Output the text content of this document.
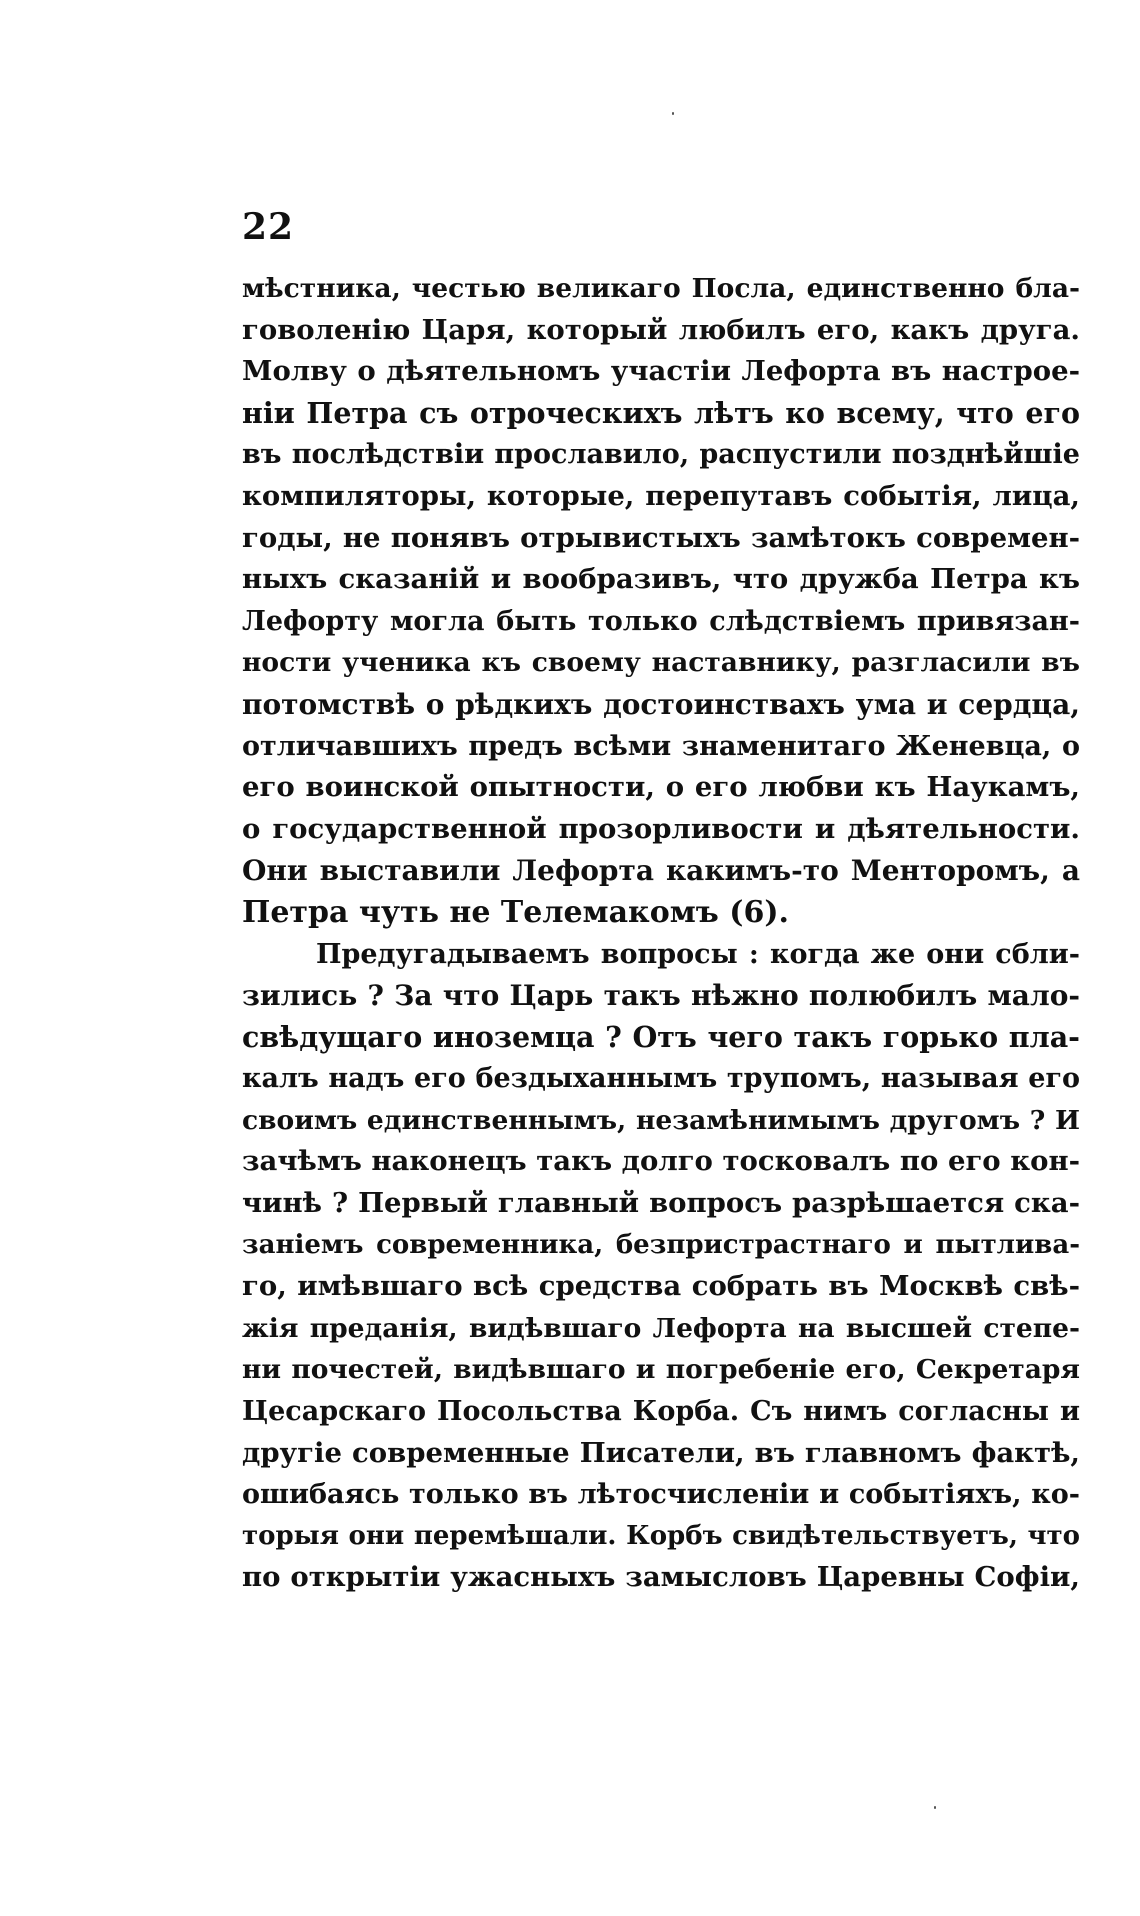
22
мѣстника, честью великаго Посла, единственно бла-
говоленію Царя, который любилъ его, какъ друга.
Молву о дѣятельномъ участіи Лефорта въ настрое-
ніи Петра съ отроческихъ лѣтъ ко всему, что его
въ послѣдствіи прославило, распустили позднѣйшіе
компиляторы, которые, перепутавъ событія, лица,
годы, не понявъ отрывистыхъ замѣтокъ современ-
ныхъ сказаній и вообразивъ, что дружба Петра къ
Лефорту могла быть только слѣдствіемъ привязан-
ности ученика къ своему наставнику, разгласили въ
потомствѣ о рѣдкихъ достоинствахъ ума и сердца,
отличавшихъ предъ всѣми знаменитаго Женевца, о
его воинской опытности, о его любви къ Наукамъ,
о государственной прозорливости и дѣятельности.
Они выставили Лефорта какимъ-то Менторомъ, а
Петра чуть не Телемакомъ (6).
Предугадываемъ вопросы : когда же они сбли-
зились ? За что Царь такъ нѣжно полюбилъ мало-
свѣдущаго иноземца ? Отъ чего такъ горько пла-
калъ надъ его бездыханнымъ трупомъ, называя его
своимъ единственнымъ, незамѣнимымъ другомъ ? И
зачѣмъ наконецъ такъ долго тосковалъ по его кон-
чинѣ ? Первый главный вопросъ разрѣшается ска-
заніемъ современника, безпристрастнаго и пытлива-
го, имѣвшаго всѣ средства собрать въ Москвѣ свѣ-
жія преданія, видѣвшаго Лефорта на высшей степе-
ни почестей, видѣвшаго и погребеніе его, Секретаря
Цесарскаго Посольства Корба. Съ нимъ согласны и
другіе современные Писатели, въ главномъ фактѣ,
ошибаясь только въ лѣтосчисленіи и событіяхъ, ко-
торыя они перемѣшали. Корбъ свидѣтельствуетъ, что
по открытіи ужасныхъ замысловъ Царевны Софіи,
